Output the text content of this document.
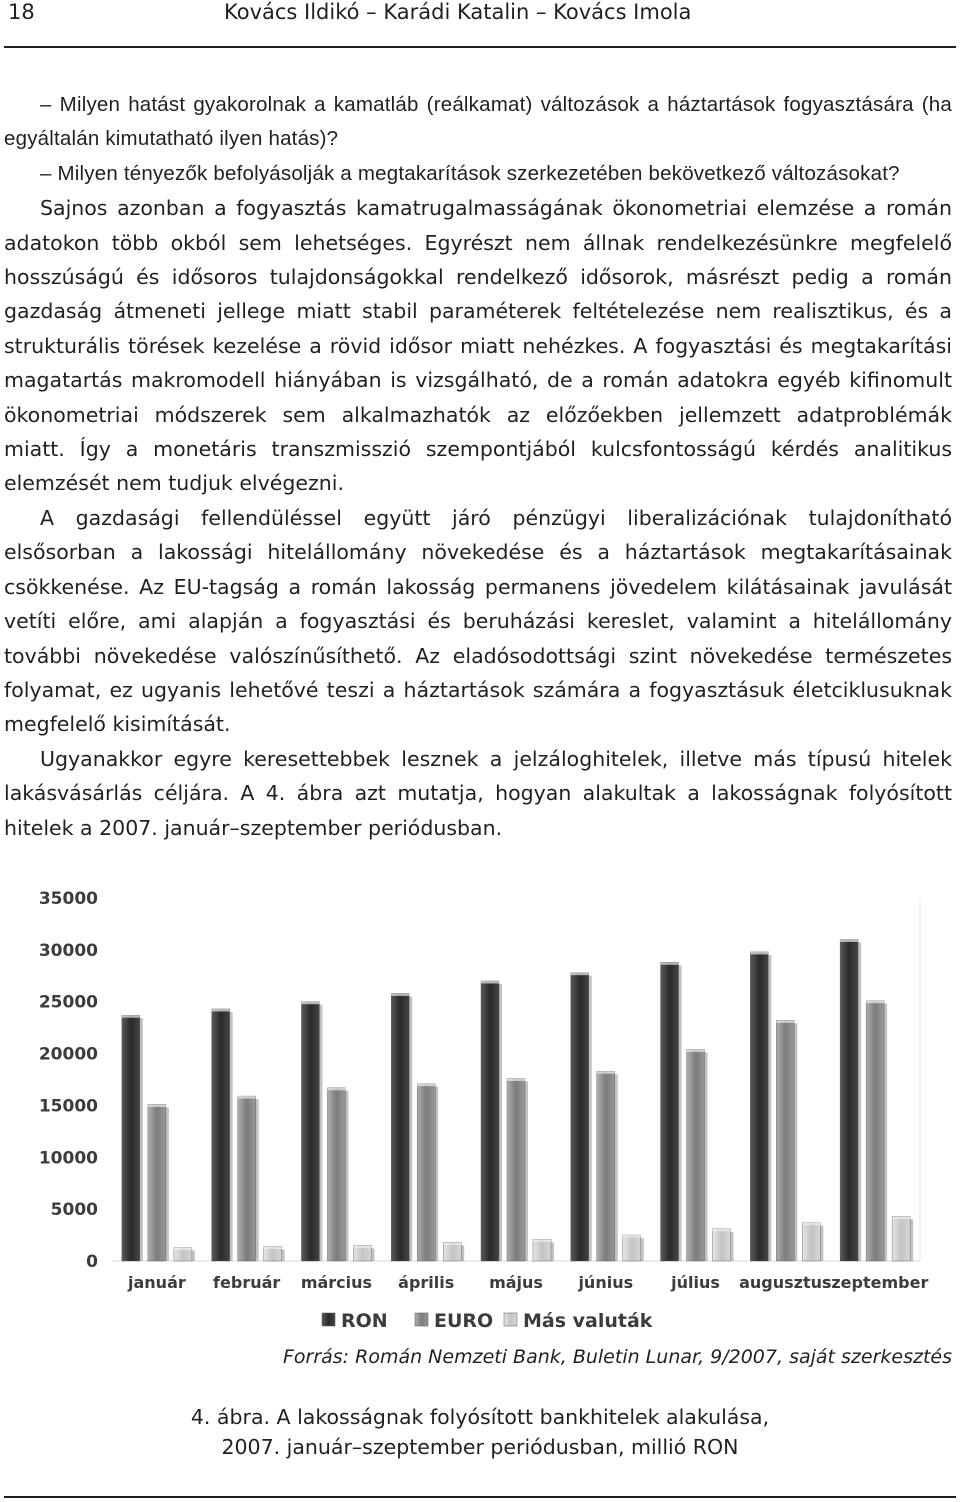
18	Kovács Ildikó – Karádi Katalin – Kovács Imola

– Milyen hatást gyakorolnak a kamatláb (reálkamat) változások a háztartások fogyasztására (ha egyáltalán kimutatható ilyen hatás)?

– Milyen tényezők befolyásolják a megtakarítások szerkezetében bekövetkező változásokat?

Sajnos azonban a fogyasztás kamatrugalmasságának ökonometriai elemzése a román adatokon több okból sem lehetséges. Egyrészt nem állnak rendelkezésünkre megfelelő hosszúságú és idősoros tulajdonságokkal rendelkező idősorok, másrészt pedig a román gazdaság átmeneti jellege miatt stabil paraméterek feltételezése nem realisztikus, és a strukturális törések kezelése a rövid idősor miatt nehézkes. A fogyasztási és megtakarítási magatartás makromodell hiányában is vizsgálható, de a román adatokra egyéb kifinomult ökonometriai módszerek sem alkalmazhatók az előzőekben jellemzett adatproblémák miatt. Így a monetáris transzmisszió szempontjából kulcsfontosságú kérdés analitikus elemzését nem tudjuk elvégezni.

A gazdasági fellendüléssel együtt járó pénzügyi liberalizációnak tulajdonítható elsősorban a lakossági hitelállomány növekedése és a háztartások megtakarításainak csökkenése. Az EU-tagság a román lakosság permanens jövedelem kilátásainak javulását vetíti előre, ami alapján a fogyasztási és beruházási kereslet, valamint a hitelállomány további növekedése valószínűsíthető. Az eladósodottsági szint növekedése természetes folyamat, ez ugyanis lehetővé teszi a háztartások számára a fogyasztásuk életciklusuknak megfelelő kisimítását.

Ugyanakkor egyre keresettebbek lesznek a jelzáloghitelek, illetve más típusú hitelek lakásvásárlás céljára. A 4. ábra azt mutatja, hogyan alakultak a lakosságnak folyósított hitelek a 2007. január–szeptember periódusban.

0
5000
10000
15000
20000
25000
30000
35000
január február március április május június július augusztus
szeptember
RON EURO Más valuták
Forrás: Román Nemzeti Bank, Buletin Lunar, 9/2007, saját szerkesztés
4. ábra. A lakosságnak folyósított bankhitelek alakulása,
2007. január–szeptember periódusban, millió RON
